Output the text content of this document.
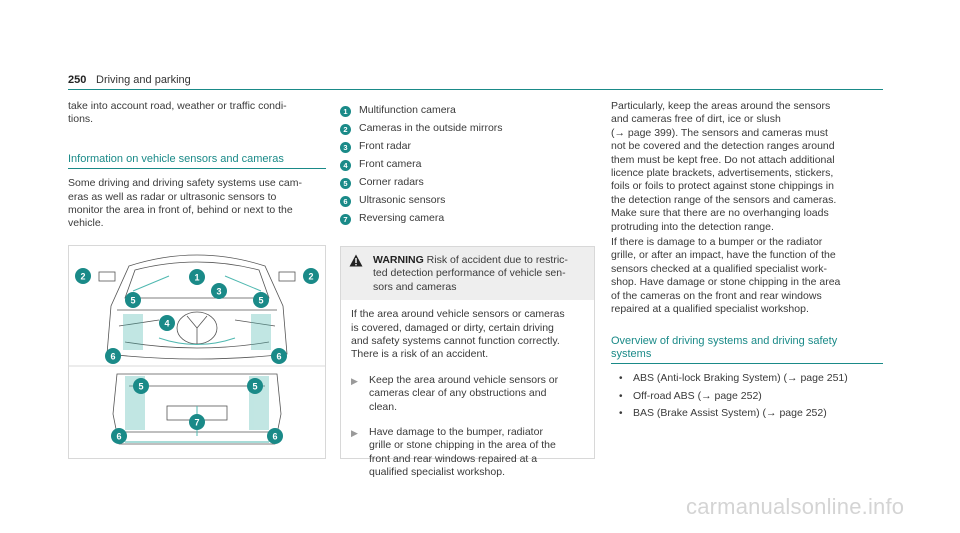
250 Driving and parking

take into account road, weather or traffic condi-
tions.

Information on vehicle sensors and cameras

Some driving and driving safety systems use cam-
eras as well as radar or ultrasonic sensors to
monitor the area in front of, behind or next to the
vehicle.

2	1	2
5
3
5
4
6	6
5	5
7
6	6
1	Multifunction camera
2	Cameras in the outside mirrors
3	Front radar
4	Front camera
5	Corner radars
6	Ultrasonic sensors
7	Reversing camera
WARNING Risk of accident due to restric-
ted detection performance of vehicle sen-
sors and cameras

If the area around vehicle sensors or cameras
is covered, damaged or dirty, certain driving
and safety systems cannot function correctly.
There is a risk of an accident.

▶	Keep the area around vehicle sensors or
cameras clear of any obstructions and
clean.
▶	Have damage to the bumper, radiator
grille or stone chipping in the area of the
front and rear windows repaired at a
qualified specialist workshop.

Particularly, keep the areas around the sensors
and cameras free of dirt, ice or slush
(→ page 399). The sensors and cameras must
not be covered and the detection ranges around
them must be kept free. Do not attach additional
licence plate brackets, advertisements, stickers,
foils or foils to protect against stone chippings in
the detection range of the sensors and cameras.
Make sure that there are no overhanging loads
protruding into the detection range.

If there is damage to a bumper or the radiator
grille, or after an impact, have the function of the
sensors checked at a qualified specialist work-
shop. Have damage or stone chipping in the area
of the cameras on the front and rear windows
repaired at a qualified specialist workshop.

Overview of driving systems and driving safety
systems
• ABS (Anti-lock Braking System) (→ page 251)
• Off-road ABS (→ page 252)
• BAS (Brake Assist System) (→ page 252)
carmanualsonline.info
